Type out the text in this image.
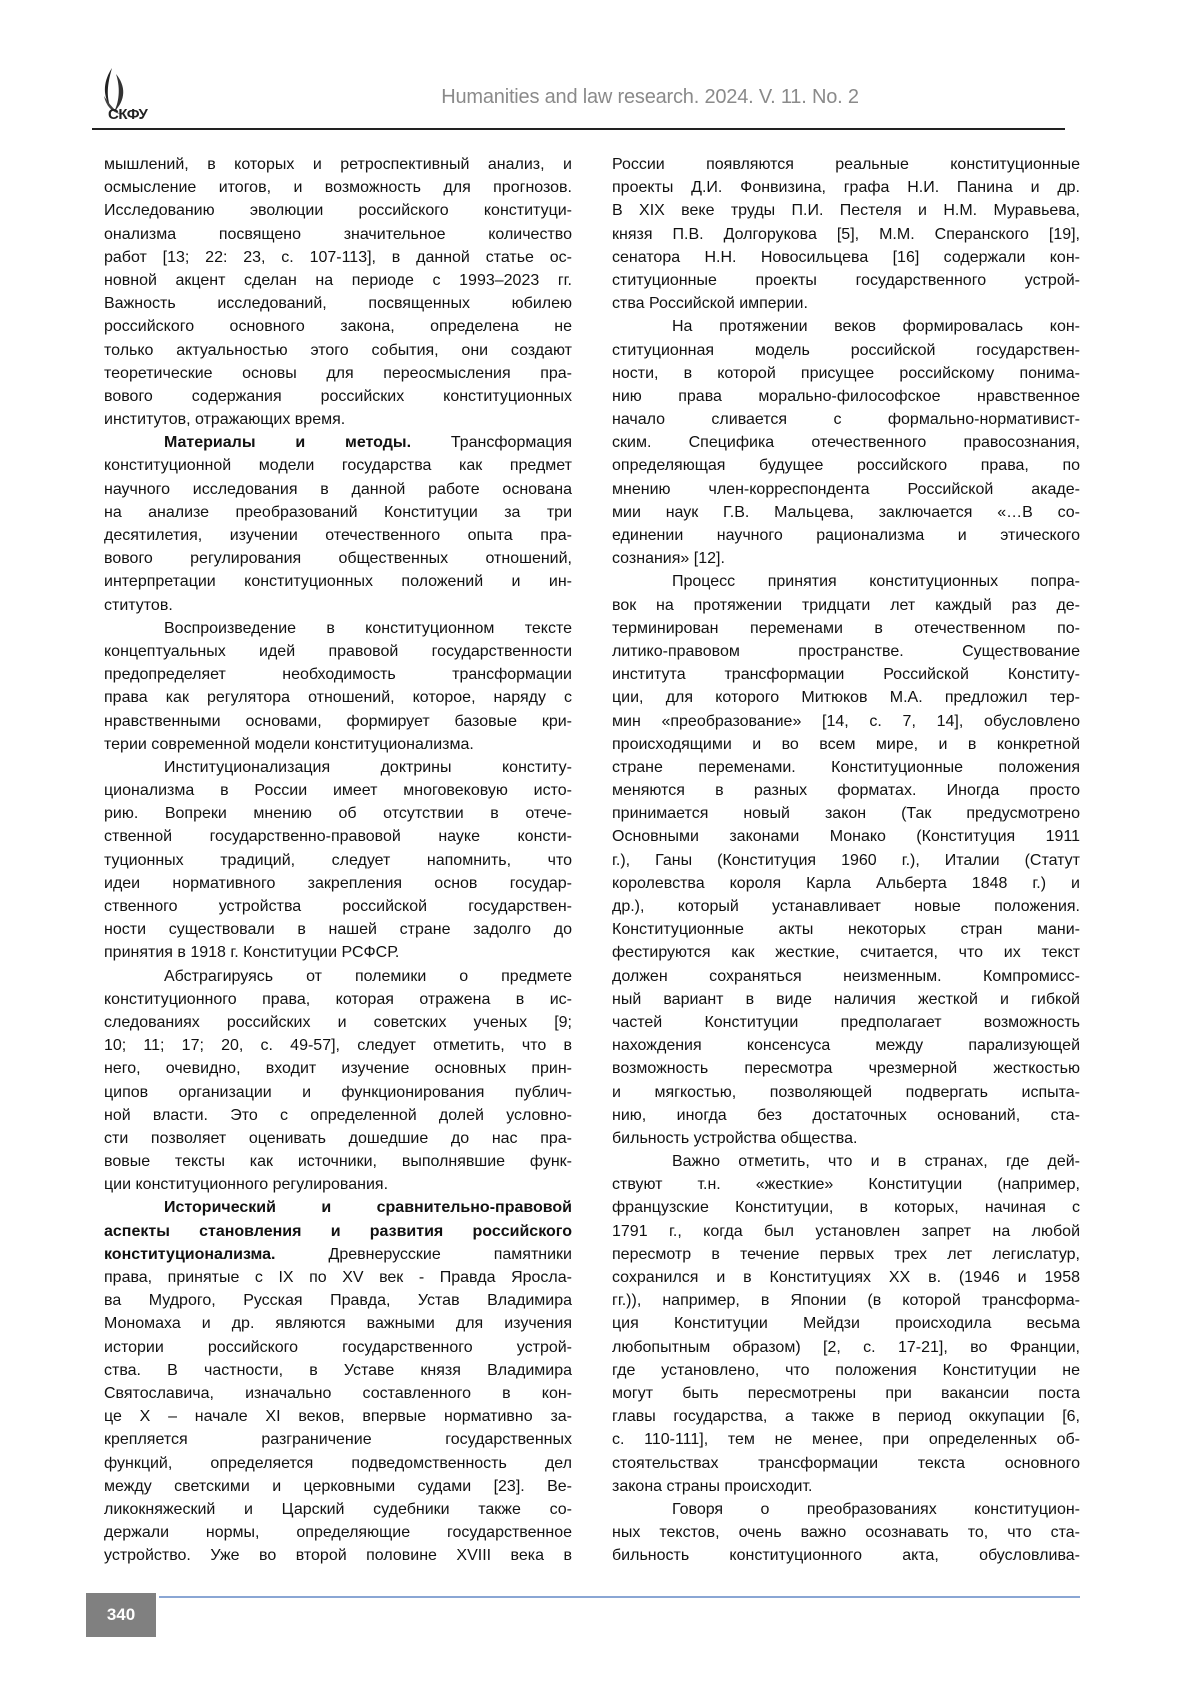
СКФУ
Humanities and law research. 2024. V. 11. No. 2
мышлений, в которых и ретроспективный анализ, и
осмысление итогов, и возможность для прогнозов.
Исследованию эволюции российского конституци-
онализма посвящено значительное количество
работ [13; 22: 23, с. 107-113], в данной статье ос-
новной акцент сделан на периоде с 1993–2023 гг.
Важность исследований, посвященных юбилею
российского основного закона, определена не
только актуальностью этого события, они создают
теоретические основы для переосмысления пра-
вового содержания российских конституционных
институтов, отражающих время.
Материалы и методы. Трансформация
конституционной модели государства как предмет
научного исследования в данной работе основана
на анализе преобразований Конституции за три
десятилетия, изучении отечественного опыта пра-
вового регулирования общественных отношений,
интерпретации конституционных положений и ин-
ститутов.
Воспроизведение в конституционном тексте
концептуальных идей правовой государственности
предопределяет необходимость трансформации
права как регулятора отношений, которое, наряду с
нравственными основами, формирует базовые кри-
терии современной модели конституционализма.
Институционализация доктрины конститу-
ционализма в России имеет многовековую исто-
рию. Вопреки мнению об отсутствии в отече-
ственной государственно-правовой науке консти-
туционных традиций, следует напомнить, что
идеи нормативного закрепления основ государ-
ственного устройства российской государствен-
ности существовали в нашей стране задолго до
принятия в 1918 г. Конституции РСФСР.
Абстрагируясь от полемики о предмете
конституционного права, которая отражена в ис-
следованиях российских и советских ученых [9;
10; 11; 17; 20, с. 49-57], следует отметить, что в
него, очевидно, входит изучение основных прин-
ципов организации и функционирования публич-
ной власти. Это с определенной долей условно-
сти позволяет оценивать дошедшие до нас пра-
вовые тексты как источники, выполнявшие функ-
ции конституционного регулирования.
Исторический и сравнительно-правовой
аспекты становления и развития российского
конституционализма. Древнерусские памятники
права, принятые с IX по XV век - Правда Яросла-
ва Мудрого, Русская Правда, Устав Владимира
Мономаха и др. являются важными для изучения
истории российского государственного устрой-
ства. В частности, в Уставе князя Владимира
Святославича, изначально составленного в кон-
це X – начале XI веков, впервые нормативно за-
крепляется разграничение государственных
функций, определяется подведомственность дел
между светскими и церковными судами [23]. Ве-
ликокняжеский и Царский судебники также со-
держали нормы, определяющие государственное
устройство. Уже во второй половине XVIII века в
России появляются реальные конституционные
проекты Д.И. Фонвизина, графа Н.И. Панина и др.
В XIX веке труды П.И. Пестеля и Н.М. Муравьева,
князя П.В. Долгорукова [5], М.М. Сперанского [19],
сенатора Н.Н. Новосильцева [16] содержали кон-
ституционные проекты государственного устрой-
ства Российской империи.
На протяжении веков формировалась кон-
ституционная модель российской государствен-
ности, в которой присущее российскому понима-
нию права морально-философское нравственное
начало сливается с формально-нормативист-
ским. Специфика отечественного правосознания,
определяющая будущее российского права, по
мнению член-корреспондента Российской акаде-
мии наук Г.В. Мальцева, заключается «…В со-
единении научного рационализма и этического
сознания» [12].
Процесс принятия конституционных попра-
вок на протяжении тридцати лет каждый раз де-
терминирован переменами в отечественном по-
литико-правовом пространстве. Существование
института трансформации Российской Конститу-
ции, для которого Митюков М.А. предложил тер-
мин «преобразование» [14, с. 7, 14], обусловлено
происходящими и во всем мире, и в конкретной
стране переменами. Конституционные положения
меняются в разных форматах. Иногда просто
принимается новый закон (Так предусмотрено
Основными законами Монако (Конституция 1911
г.), Ганы (Конституция 1960 г.), Италии (Статут
королевства короля Карла Альберта 1848 г.) и
др.), который устанавливает новые положения.
Конституционные акты некоторых стран мани-
фестируются как жесткие, считается, что их текст
должен сохраняться неизменным. Компромисс-
ный вариант в виде наличия жесткой и гибкой
частей Конституции предполагает возможность
нахождения консенсуса между парализующей
возможность пересмотра чрезмерной жесткостью
и мягкостью, позволяющей подвергать испыта-
нию, иногда без достаточных оснований, ста-
бильность устройства общества.
Важно отметить, что и в странах, где дей-
ствуют т.н. «жесткие» Конституции (например,
французские Конституции, в которых, начиная с
1791 г., когда был установлен запрет на любой
пересмотр в течение первых трех лет легислатур,
сохранился и в Конституциях XX в. (1946 и 1958
гг.)), например, в Японии (в которой трансформа-
ция Конституции Мейдзи происходила весьма
любопытным образом) [2, с. 17-21], во Франции,
где установлено, что положения Конституции не
могут быть пересмотрены при вакансии поста
главы государства, а также в период оккупации [6,
с. 110-111], тем не менее, при определенных об-
стоятельствах трансформации текста основного
закона страны происходит.
Говоря о преобразованиях конституцион-
ных текстов, очень важно осознавать то, что ста-
бильность конституционного акта, обусловлива-
340
